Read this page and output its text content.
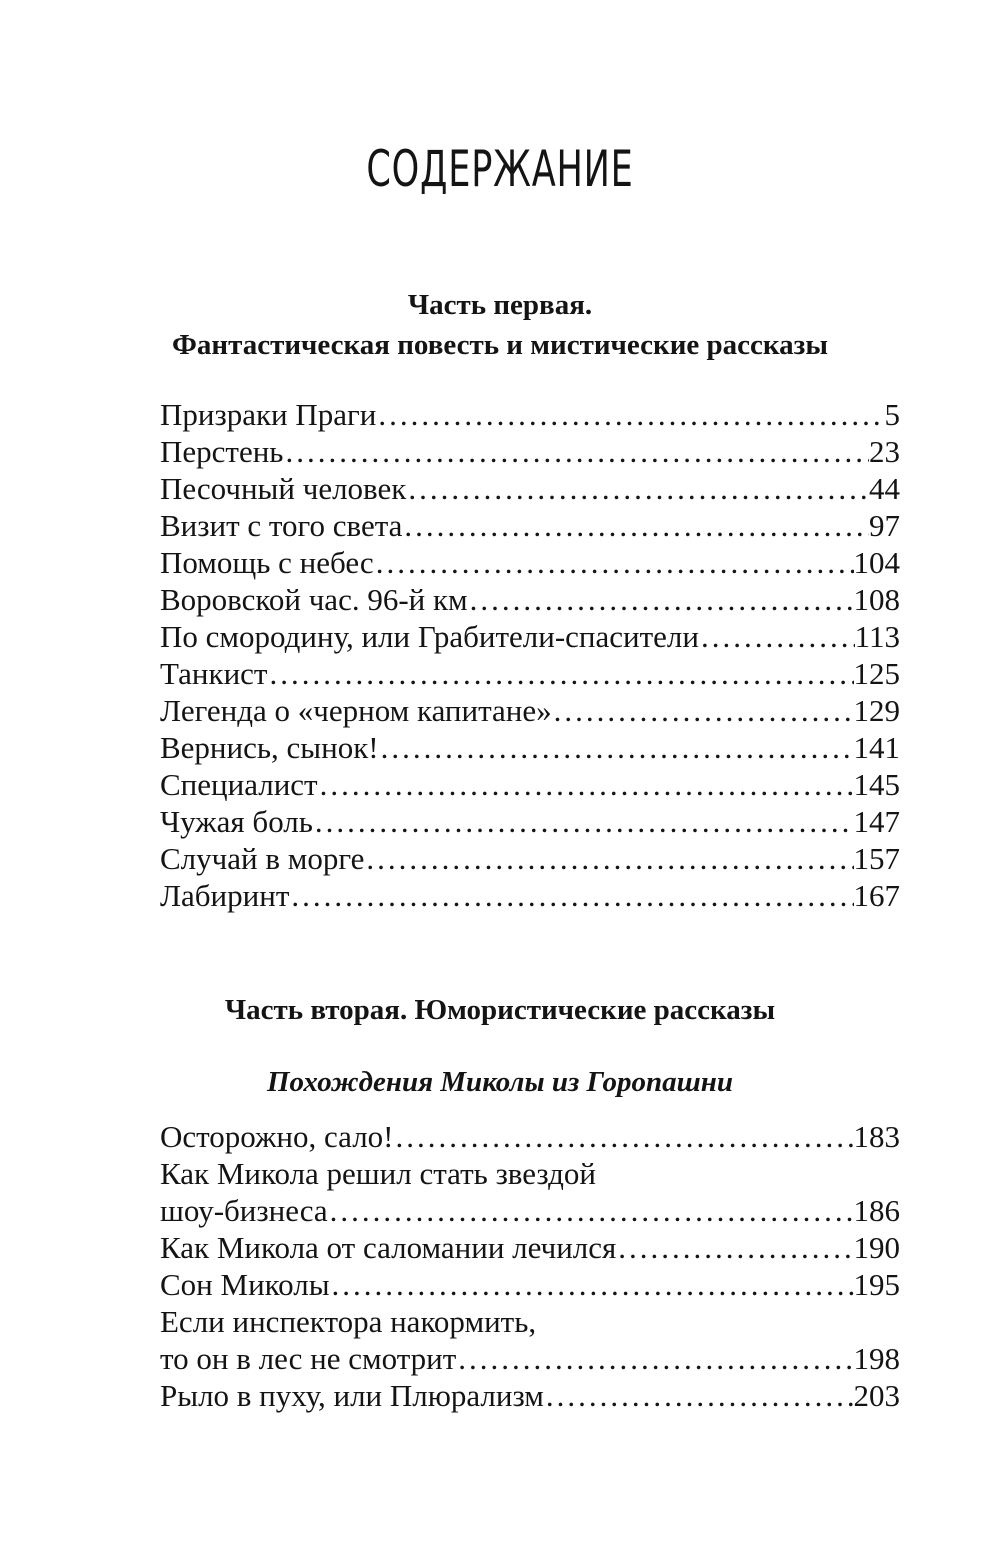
СОДЕРЖАНИЕ
Часть первая.
Фантастическая повесть и мистические рассказы
Призраки Праги .....	5
Перстень .....	23
Песочный человек .....	44
Визит с того света .....	97
Помощь с небес .....	104
Воровской час. 96-й км .....	108
По смородину, или Грабители-спасители .....	113
Танкист .....	125
Легенда о «черном капитане» .....	129
Вернись, сынок! .....	141
Специалист .....	145
Чужая боль .....	147
Случай в морге .....	157
Лабиринт .....	167
Часть вторая. Юмористические рассказы
Похождения Миколы из Горопашни
Осторожно, сало! .....	183
Как Микола решил стать звездой
шоу-бизнеса .....	186
Как Микола от саломании лечился .....	190
Сон Миколы .....	195
Если инспектора накормить,
то он в лес не смотрит .....	198
Рыло в пуху, или Плюрализм .....	203
